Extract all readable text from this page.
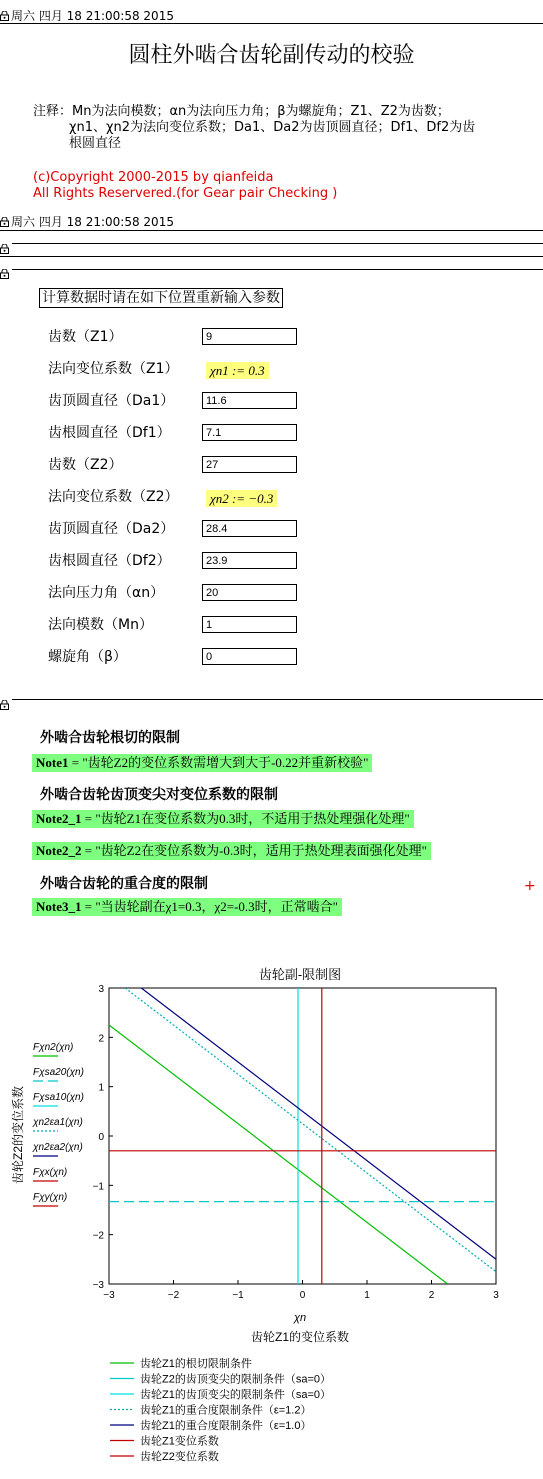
周六 四月 18 21:00:58 2015
圆柱外啮合齿轮副传动的校验
注释：Mn为法向模数；αn为法向压力角；β为螺旋角；Z1、Z2为齿数；
χn1、χn2为法向变位系数；Da1、Da2为齿顶圆直径；Df1、Df2为齿
根圆直径
(c)Copyright 2000-2015 by qianfeida
All Rights Reservered.(for Gear pair Checking )
周六 四月 18 21:00:58 2015
计算数据时请在如下位置重新输入参数
齿数（Z1）	9
法向变位系数（Z1）	χn1 := 0.3
齿顶圆直径（Da1）	11.6
齿根圆直径（Df1）	7.1
齿数（Z2）	27
法向变位系数（Z2）	χn2 := −0.3
齿顶圆直径（Da2）	28.4
齿根圆直径（Df2）	23.9
法向压力角（αn）	20
法向模数（Mn）	1
螺旋角（β）	0
外啮合齿轮根切的限制
Note1 = "齿轮Z2的变位系数需增大到大于-0.22并重新校验"
外啮合齿轮齿顶变尖对变位系数的限制
Note2_1 = "齿轮Z1在变位系数为0.3时，不适用于热处理强化处理"
Note2_2 = "齿轮Z2在变位系数为-0.3时，适用于热处理表面强化处理"
外啮合齿轮的重合度的限制	+
Note3_1 = "当齿轮副在χ1=0.3，χ2=-0.3时，正常啮合"
齿轮副-限制图
−3	−2	−1	0	1	2	3
3
2
1
0
−1
−2
−3
Fχn2(χn)
Fχsa20(χn)
Fχsa10(χn)
χn2εa1(χn)
χn2εa2(χn)
Fχx(χn)
Fχy(χn)
χn
齿轮Z1的变位系数
齿轮Z2的变位系数
齿轮Z1的根切限制条件
齿轮Z2的齿顶变尖的限制条件（sa=0）
齿轮Z1的齿顶变尖的限制条件（sa=0）
齿轮Z1的重合度限制条件（ε=1.2）
齿轮Z1的重合度限制条件（ε=1.0）
齿轮Z1变位系数
齿轮Z2变位系数
